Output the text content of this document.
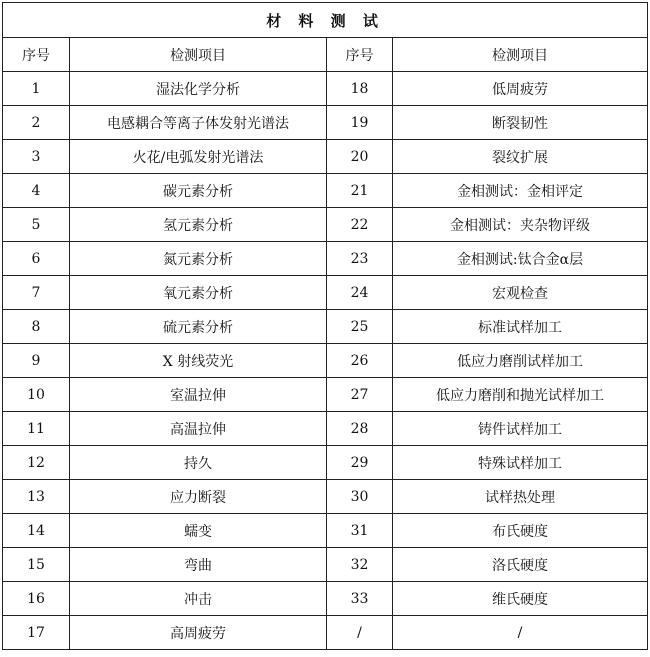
材 料 测 试			
序号	检测项目	序号	检测项目
1	湿法化学分析	18	低周疲劳
2	电感耦合等离子体发射光谱法	19	断裂韧性
3	火花/电弧发射光谱法	20	裂纹扩展
4	碳元素分析	21	金相测试：金相评定
5	氢元素分析	22	金相测试：夹杂物评级
6	氮元素分析	23	金相测试:钛合金α层
7	氧元素分析	24	宏观检查
8	硫元素分析	25	标准试样加工
9	X 射线荧光	26	低应力磨削试样加工
10	室温拉伸	27	低应力磨削和抛光试样加工
11	高温拉伸	28	铸件试样加工
12	持久	29	特殊试样加工
13	应力断裂	30	试样热处理
14	蠕变	31	布氏硬度
15	弯曲	32	洛氏硬度
16	冲击	33	维氏硬度
17	高周疲劳	/	/
